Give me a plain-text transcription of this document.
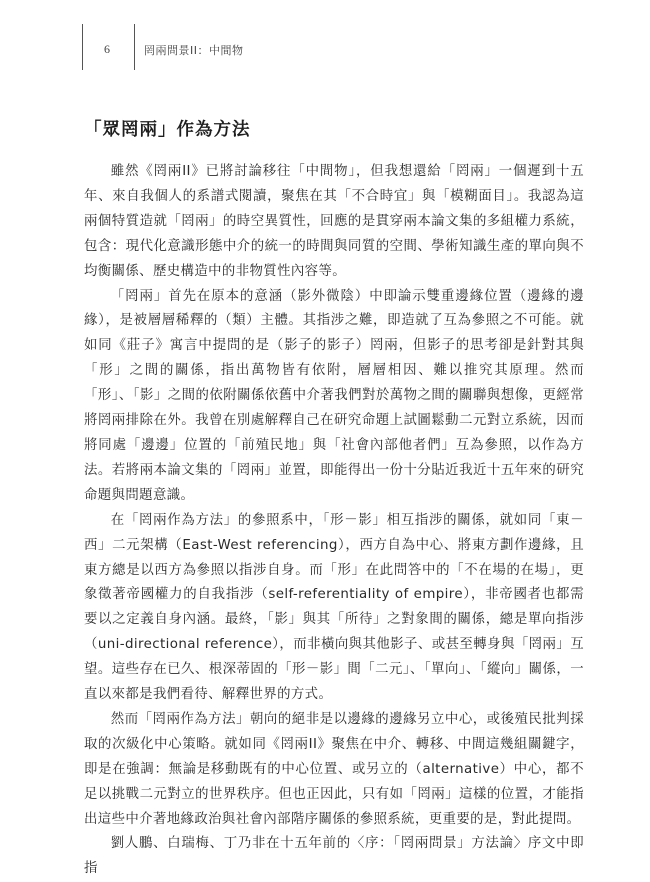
6	罔兩問景II：中間物
「眾罔兩」作為方法

雖然《罔兩II》已將討論移往「中間物」，但我想還給「罔兩」一個遲到十五年、來自我個人的系譜式閱讀，聚焦在其「不合時宜」與「模糊面目」。我認為這兩個特質造就「罔兩」的時空異質性，回應的是貫穿兩本論文集的多組權力系統，包含：現代化意識形態中介的統一的時間與同質的空間、學術知識生產的單向與不均衡關係、歷史構造中的非物質性內容等。

「罔兩」首先在原本的意涵（影外微陰）中即論示雙重邊緣位置（邊緣的邊緣），是被層層稀釋的（類）主體。其指涉之難，即造就了互為參照之不可能。就如同《莊子》寓言中提問的是（影子的影子）罔兩，但影子的思考卻是針對其與「形」之間的關係，指出萬物皆有依附，層層相因、難以推究其原理。然而「形」、「影」之間的依附關係依舊中介著我們對於萬物之間的關聯與想像，更經常將罔兩排除在外。我曾在別處解釋自己在研究命題上試圖鬆動二元對立系統，因而將同處「邊邊」位置的「前殖民地」與「社會內部他者們」互為參照，以作為方法。若將兩本論文集的「罔兩」並置，即能得出一份十分貼近我近十五年來的研究命題與問題意識。

在「罔兩作為方法」的參照系中，「形－影」相互指涉的關係，就如同「東－西」二元架構（East-West referencing），西方自為中心、將東方劃作邊緣，且東方總是以西方為參照以指涉自身。而「形」在此問答中的「不在場的在場」，更象徵著帝國權力的自我指涉（self-referentiality of empire），非帝國者也都需要以之定義自身內涵。最終，「影」與其「所待」之對象間的關係，總是單向指涉（uni-directional reference），而非橫向與其他影子、或甚至轉身與「罔兩」互望。這些存在已久、根深蒂固的「形－影」間「二元」、「單向」、「縱向」關係，一直以來都是我們看待、解釋世界的方式。

然而「罔兩作為方法」朝向的絕非是以邊緣的邊緣另立中心，或後殖民批判採取的次級化中心策略。就如同《罔兩II》聚焦在中介、轉移、中間這幾組關鍵字，即是在強調：無論是移動既有的中心位置、或另立的（alternative）中心，都不足以挑戰二元對立的世界秩序。但也正因此，只有如「罔兩」這樣的位置，才能指出這些中介著地緣政治與社會內部階序關係的參照系統，更重要的是，對此提問。

劉人鵬、白瑞梅、丁乃非在十五年前的〈序：「罔兩問景」方法論〉序文中即指
